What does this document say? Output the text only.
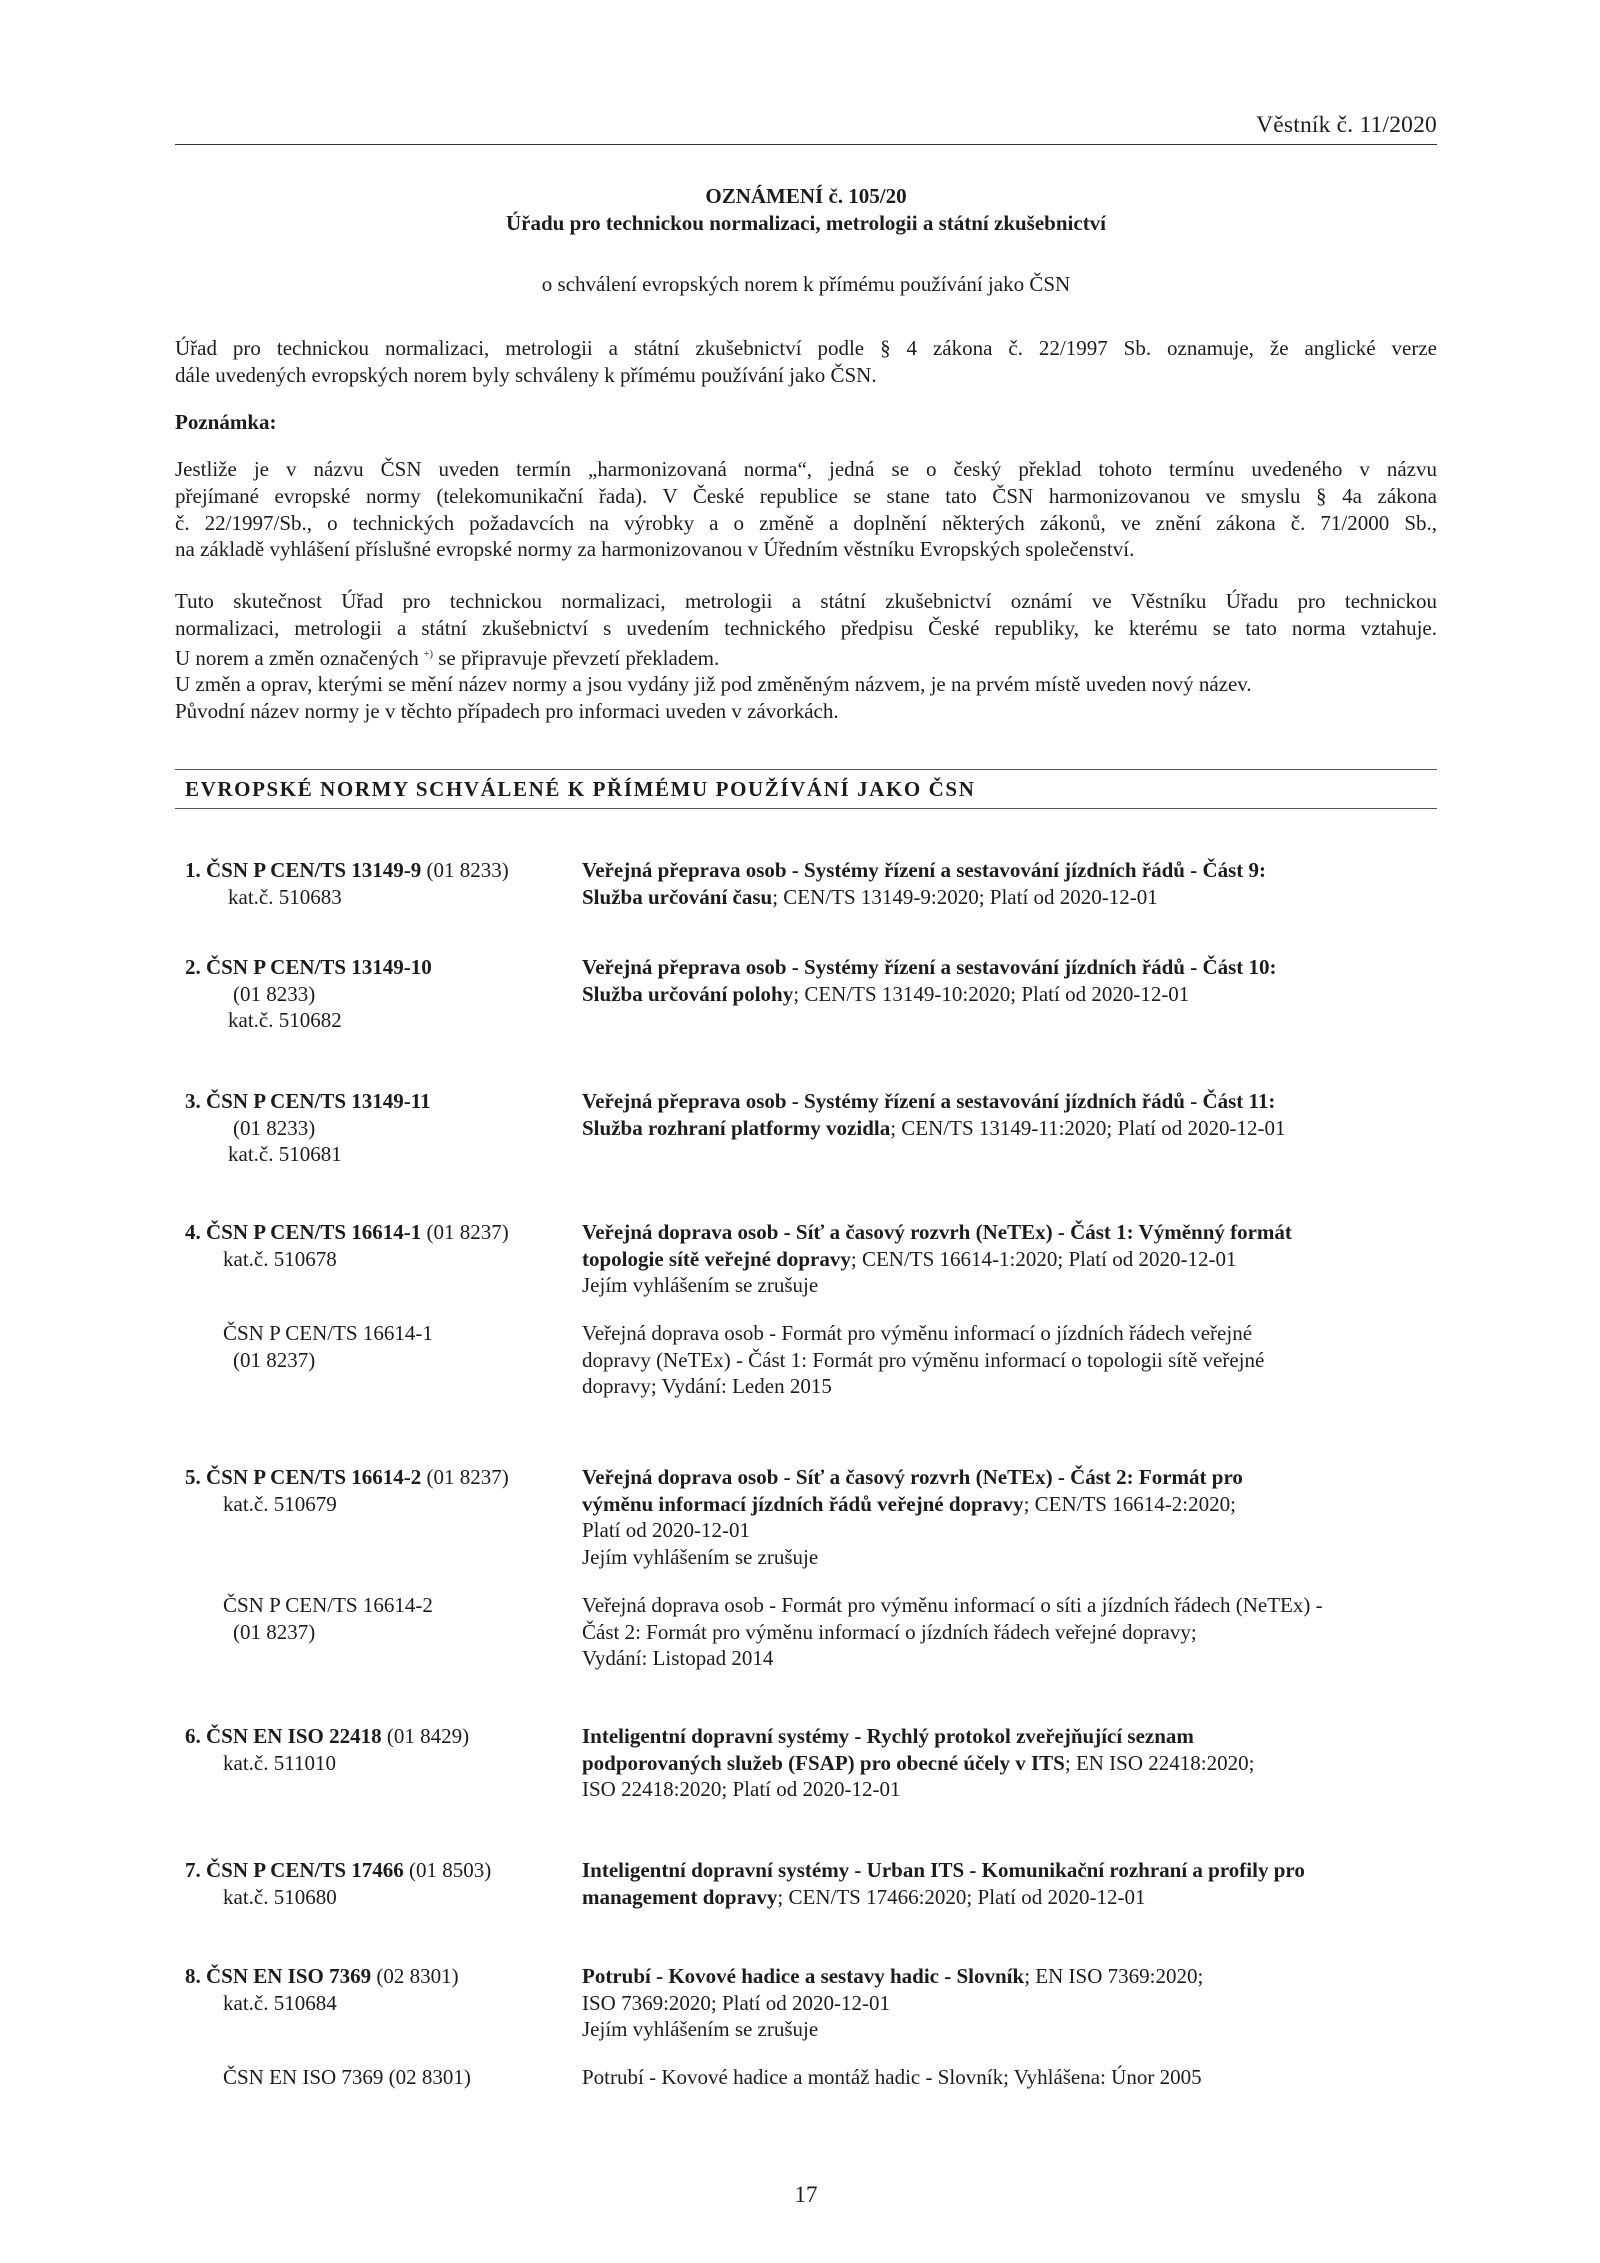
Věstník č. 11/2020
OZNÁMENÍ č. 105/20
Úřadu pro technickou normalizaci, metrologii a státní zkušebnictví
o schválení evropských norem k přímému používání jako ČSN
Úřad pro technickou normalizaci, metrologii a státní zkušebnictví podle § 4 zákona č. 22/1997 Sb. oznamuje, že anglické verze
dále uvedených evropských norem byly schváleny k přímému používání jako ČSN.
Poznámka:
Jestliže je v názvu ČSN uveden termín „harmonizovaná norma“, jedná se o český překlad tohoto termínu uvedeného v názvu
přejímané evropské normy (telekomunikační řada). V České republice se stane tato ČSN harmonizovanou ve smyslu § 4a zákona
č. 22/1997/Sb., o technických požadavcích na výrobky a o změně a doplnění některých zákonů, ve znění zákona č. 71/2000 Sb.,
na základě vyhlášení příslušné evropské normy za harmonizovanou v Úředním věstníku Evropských společenství.
Tuto skutečnost Úřad pro technickou normalizaci, metrologii a státní zkušebnictví oznámí ve Věstníku Úřadu pro technickou
normalizaci, metrologii a státní zkušebnictví s uvedením technického předpisu České republiky, ke kterému se tato norma vztahuje.
U norem a změn označených +) se připravuje převzetí překladem.
U změn a oprav, kterými se mění název normy a jsou vydány již pod změněným názvem, je na prvém místě uveden nový název.
Původní název normy je v těchto případech pro informaci uveden v závorkách.
EVROPSKÉ NORMY SCHVÁLENÉ K PŘÍMÉMU POUŽÍVÁNÍ JAKO ČSN
1. ČSN P CEN/TS 13149-9 (01 8233)
kat.č. 510683
Veřejná přeprava osob - Systémy řízení a sestavování jízdních řádů - Část 9:
Služba určování času; CEN/TS 13149-9:2020; Platí od 2020-12-01
2. ČSN P CEN/TS 13149-10
(01 8233)
kat.č. 510682
Veřejná přeprava osob - Systémy řízení a sestavování jízdních řádů - Část 10:
Služba určování polohy; CEN/TS 13149-10:2020; Platí od 2020-12-01
3. ČSN P CEN/TS 13149-11
(01 8233)
kat.č. 510681
Veřejná přeprava osob - Systémy řízení a sestavování jízdních řádů - Část 11:
Služba rozhraní platformy vozidla; CEN/TS 13149-11:2020; Platí od 2020-12-01
4. ČSN P CEN/TS 16614-1 (01 8237)
kat.č. 510678
Veřejná doprava osob - Síť a časový rozvrh (NeTEx) - Část 1: Výměnný formát
topologie sítě veřejné dopravy; CEN/TS 16614-1:2020; Platí od 2020-12-01
Jejím vyhlášením se zrušuje
ČSN P CEN/TS 16614-1
(01 8237)
Veřejná doprava osob - Formát pro výměnu informací o jízdních řádech veřejné
dopravy (NeTEx) - Část 1: Formát pro výměnu informací o topologii sítě veřejné
dopravy; Vydání: Leden 2015
5. ČSN P CEN/TS 16614-2 (01 8237)
kat.č. 510679
Veřejná doprava osob - Síť a časový rozvrh (NeTEx) - Část 2: Formát pro
výměnu informací jízdních řádů veřejné dopravy; CEN/TS 16614-2:2020;
Platí od 2020-12-01
Jejím vyhlášením se zrušuje
ČSN P CEN/TS 16614-2
(01 8237)
Veřejná doprava osob - Formát pro výměnu informací o síti a jízdních řádech (NeTEx) -
Část 2: Formát pro výměnu informací o jízdních řádech veřejné dopravy;
Vydání: Listopad 2014
6. ČSN EN ISO 22418 (01 8429)
kat.č. 511010
Inteligentní dopravní systémy - Rychlý protokol zveřejňující seznam
podporovaných služeb (FSAP) pro obecné účely v ITS; EN ISO 22418:2020;
ISO 22418:2020; Platí od 2020-12-01
7. ČSN P CEN/TS 17466 (01 8503)
kat.č. 510680
Inteligentní dopravní systémy - Urban ITS - Komunikační rozhraní a profily pro
management dopravy; CEN/TS 17466:2020; Platí od 2020-12-01
8. ČSN EN ISO 7369 (02 8301)
kat.č. 510684
Potrubí - Kovové hadice a sestavy hadic - Slovník; EN ISO 7369:2020;
ISO 7369:2020; Platí od 2020-12-01
Jejím vyhlášením se zrušuje
ČSN EN ISO 7369 (02 8301)	Potrubí - Kovové hadice a montáž hadic - Slovník; Vyhlášena: Únor 2005
17
